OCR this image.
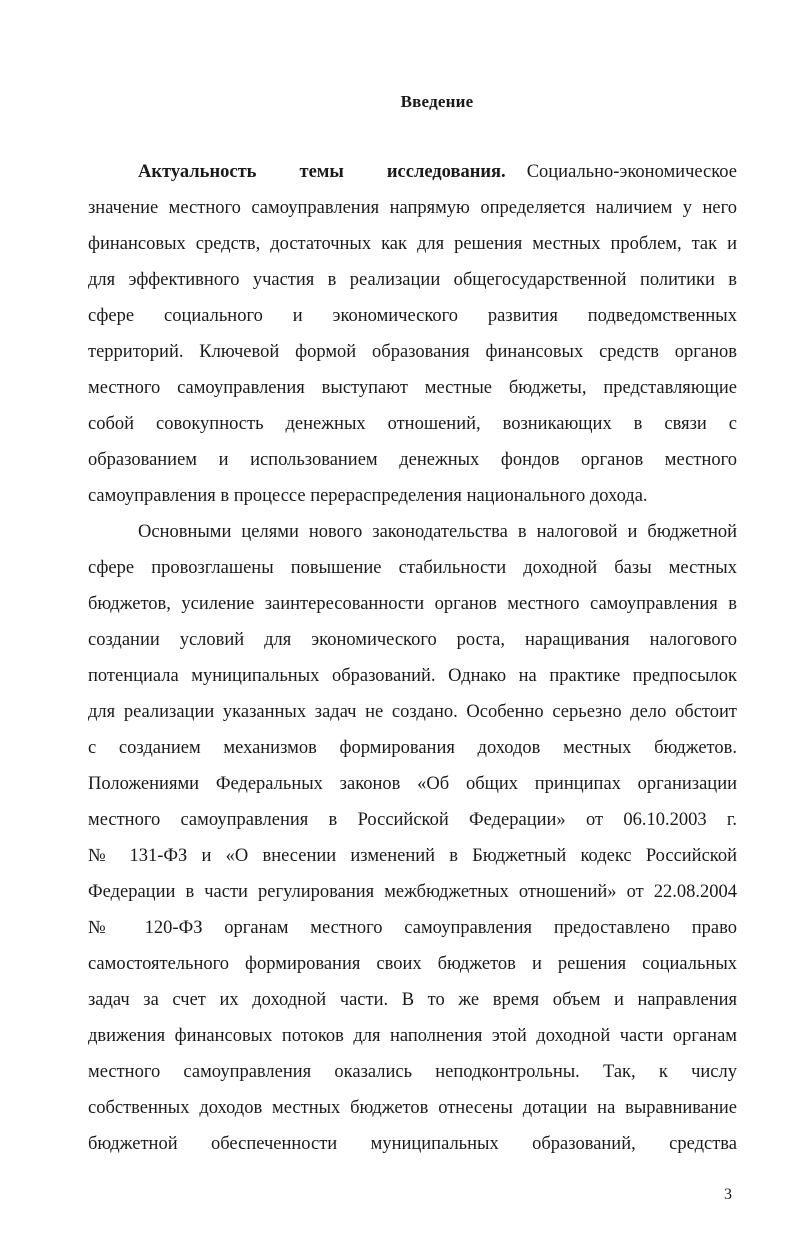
Введение
Актуальность темы исследования. Социально-экономическое
значение местного самоуправления напрямую определяется наличием у него
финансовых средств, достаточных как для решения местных проблем, так и
для эффективного участия в реализации общегосударственной политики в
сфере социального и экономического развития подведомственных
территорий. Ключевой формой образования финансовых средств органов
местного самоуправления выступают местные бюджеты, представляющие
собой совокупность денежных отношений, возникающих в связи с
образованием и использованием денежных фондов органов местного
самоуправления в процессе перераспределения национального дохода.
Основными целями нового законодательства в налоговой и бюджетной
сфере провозглашены повышение стабильности доходной базы местных
бюджетов, усиление заинтересованности органов местного самоуправления в
создании условий для экономического роста, наращивания налогового
потенциала муниципальных образований. Однако на практике предпосылок
для реализации указанных задач не создано. Особенно серьезно дело обстоит
с созданием механизмов формирования доходов местных бюджетов.
Положениями Федеральных законов «Об общих принципах организации
местного самоуправления в Российской Федерации» от 06.10.2003 г.
№ 131-ФЗ и «О внесении изменений в Бюджетный кодекс Российской
Федерации в части регулирования межбюджетных отношений» от 22.08.2004
№ 120-ФЗ органам местного самоуправления предоставлено право
самостоятельного формирования своих бюджетов и решения социальных
задач за счет их доходной части. В то же время объем и направления
движения финансовых потоков для наполнения этой доходной части органам
местного самоуправления оказались неподконтрольны. Так, к числу
собственных доходов местных бюджетов отнесены дотации на выравнивание
бюджетной обеспеченности муниципальных образований, средства
3
